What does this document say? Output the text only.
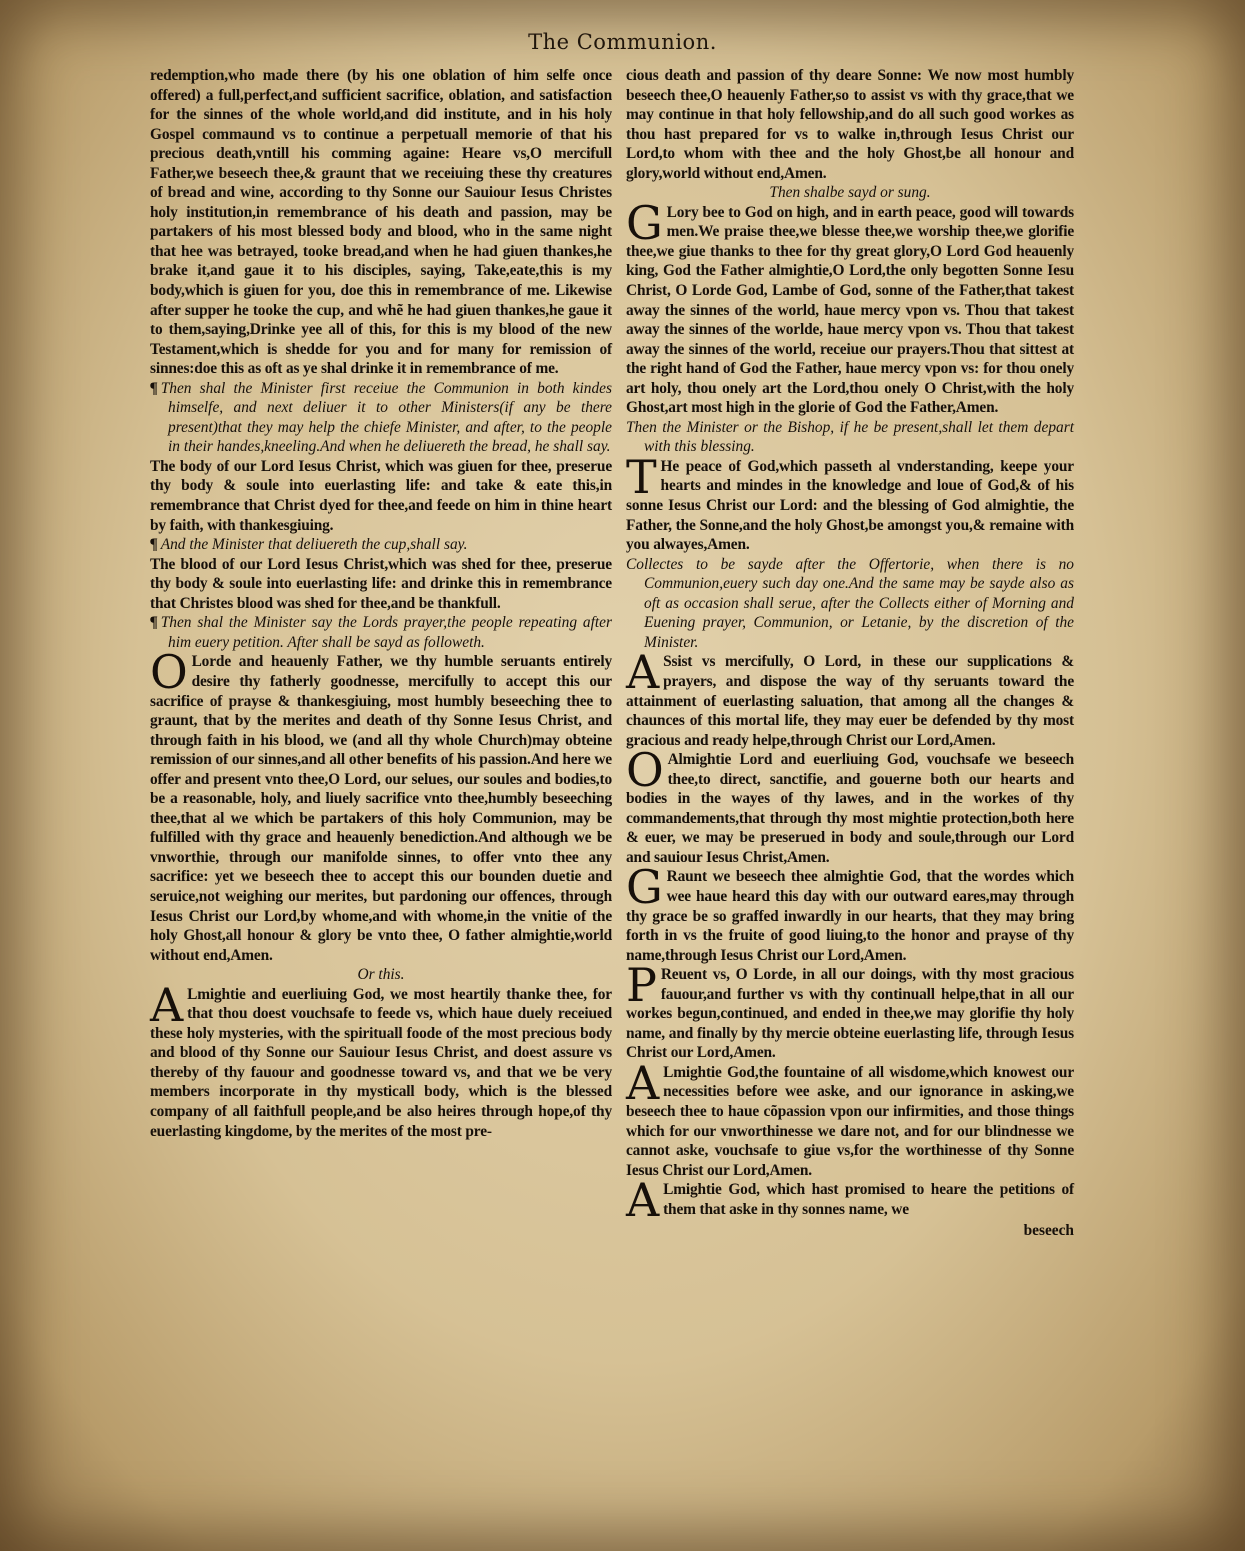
The Communion.

redemption,who made there (by his one oblation of him selfe once offered) a full,perfect,and sufficient sacrifice, oblation, and satisfaction for the sinnes of the whole world,and did institute, and in his holy Gospel commaund vs to continue a perpetuall memorie of that his precious death,vntill his comming againe: Heare vs,O mercifull Father,we beseech thee,& graunt that we receiuing these thy creatures of bread and wine, according to thy Sonne our Sauiour Iesus Christes holy institution,in remembrance of his death and passion, may be partakers of his most blessed body and blood, who in the same night that hee was betrayed, tooke bread,and when he had giuen thankes,he brake it,and gaue it to his disciples, saying, Take,eate,this is my body,which is giuen for you, doe this in remembrance of me. Likewise after supper he tooke the cup, and whẽ he had giuen thankes,he gaue it to them,saying,Drinke yee all of this, for this is my blood of the new Testament,which is shedde for you and for many for remission of sinnes:doe this as oft as ye shal drinke it in remembrance of me.

¶ Then shal the Minister first receiue the Communion in both kindes himselfe, and next deliuer it to other Ministers(if any be there present)that they may help the chiefe Minister, and after, to the people in their handes,kneeling.And when he deliuereth the bread, he shall say.

The body of our Lord Iesus Christ, which was giuen for thee, preserue thy body & soule into euerlasting life: and take & eate this,in remembrance that Christ dyed for thee,and feede on him in thine heart by faith, with thankesgiuing.

¶ And the Minister that deliuereth the cup,shall say.

The blood of our Lord Iesus Christ,which was shed for thee, preserue thy body & soule into euerlasting life: and drinke this in remembrance that Christes blood was shed for thee,and be thankfull.

¶ Then shal the Minister say the Lords prayer,the people repeating after him euery petition. After shall be sayd as followeth.

O Lorde and heauenly Father, we thy humble seruants entirely desire thy fatherly goodnesse, mercifully to accept this our sacrifice of prayse & thankesgiuing, most humbly beseeching thee to graunt, that by the merites and death of thy Sonne Iesus Christ, and through faith in his blood, we (and all thy whole Church)may obteine remission of our sinnes,and all other benefits of his passion.And here we offer and present vnto thee,O Lord, our selues, our soules and bodies,to be a reasonable, holy, and liuely sacrifice vnto thee,humbly beseeching thee,that al we which be partakers of this holy Communion, may be fulfilled with thy grace and heauenly benediction.And although we be vnworthie, through our manifolde sinnes, to offer vnto thee any sacrifice: yet we beseech thee to accept this our bounden duetie and seruice,not weighing our merites, but pardoning our offences, through Iesus Christ our Lord,by whome,and with whome,in the vnitie of the holy Ghost,all honour & glory be vnto thee, O father almightie,world without end,Amen.

Or this.

A Lmightie and euerliuing God, we most heartily thanke thee, for that thou doest vouchsafe to feede vs, which haue duely receiued these holy mysteries, with the spirituall foode of the most precious body and blood of thy Sonne our Sauiour Iesus Christ, and doest assure vs thereby of thy fauour and goodnesse toward vs, and that we be very members incorporate in thy mysticall body, which is the blessed company of all faithfull people,and be also heires through hope,of thy euerlasting kingdome, by the merites of the most pre-

cious death and passion of thy deare Sonne: We now most humbly beseech thee,O heauenly Father,so to assist vs with thy grace,that we may continue in that holy fellowship,and do all such good workes as thou hast prepared for vs to walke in,through Iesus Christ our Lord,to whom with thee and the holy Ghost,be all honour and glory,world without end,Amen.

Then shalbe sayd or sung.

G Lory bee to God on high, and in earth peace, good will towards men.We praise thee,we blesse thee,we worship thee,we glorifie thee,we giue thanks to thee for thy great glory,O Lord God heauenly king, God the Father almightie,O Lord,the only begotten Sonne Iesu Christ, O Lorde God, Lambe of God, sonne of the Father,that takest away the sinnes of the world, haue mercy vpon vs. Thou that takest away the sinnes of the worlde, haue mercy vpon vs. Thou that takest away the sinnes of the world, receiue our prayers.Thou that sittest at the right hand of God the Father, haue mercy vpon vs: for thou onely art holy, thou onely art the Lord,thou onely O Christ,with the holy Ghost,art most high in the glorie of God the Father,Amen.

Then the Minister or the Bishop, if he be present,shall let them depart with this blessing.

T He peace of God,which passeth al vnderstanding, keepe your hearts and mindes in the knowledge and loue of God,& of his sonne Iesus Christ our Lord: and the blessing of God almightie, the Father, the Sonne,and the holy Ghost,be amongst you,& remaine with you alwayes,Amen.

Collectes to be sayde after the Offertorie, when there is no Communion,euery such day one.And the same may be sayde also as oft as occasion shall serue, after the Collects either of Morning and Euening prayer, Communion, or Letanie, by the discretion of the Minister.

A Ssist vs mercifully, O Lord, in these our supplications & prayers, and dispose the way of thy seruants toward the attainment of euerlasting saluation, that among all the changes & chaunces of this mortal life, they may euer be defended by thy most gracious and ready helpe,through Christ our Lord,Amen.

O Almightie Lord and euerliuing God, vouchsafe we beseech thee,to direct, sanctifie, and gouerne both our hearts and bodies in the wayes of thy lawes, and in the workes of thy commandements,that through thy most mightie protection,both here & euer, we may be preserued in body and soule,through our Lord and sauiour Iesus Christ,Amen.

G Raunt we beseech thee almightie God, that the wordes which wee haue heard this day with our outward eares,may through thy grace be so graffed inwardly in our hearts, that they may bring forth in vs the fruite of good liuing,to the honor and prayse of thy name,through Iesus Christ our Lord,Amen.

P Reuent vs, O Lorde, in all our doings, with thy most gracious fauour,and further vs with thy continuall helpe,that in all our workes begun,continued, and ended in thee,we may glorifie thy holy name, and finally by thy mercie obteine euerlasting life, through Iesus Christ our Lord,Amen.

A Lmightie God,the fountaine of all wisdome,which knowest our necessities before wee aske, and our ignorance in asking,we beseech thee to haue cõpassion vpon our infirmities, and those things which for our vnworthinesse we dare not, and for our blindnesse we cannot aske, vouchsafe to giue vs,for the worthinesse of thy Sonne Iesus Christ our Lord,Amen.

A Lmightie God, which hast promised to heare the petitions of them that aske in thy sonnes name, we

beseech
